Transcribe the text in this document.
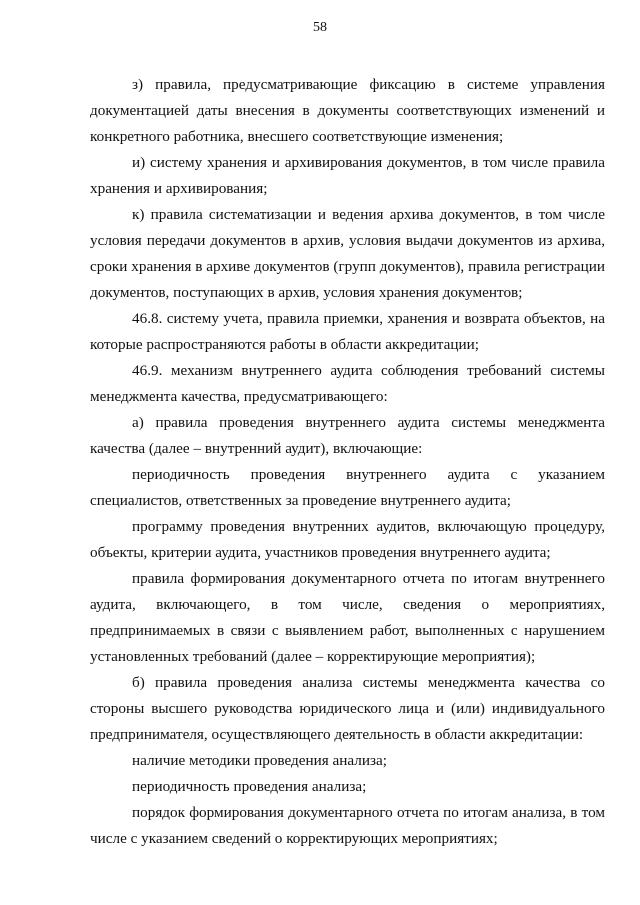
58

з) правила, предусматривающие фиксацию в системе управления документацией даты внесения в документы соответствующих изменений и конкретного работника, внесшего соответствующие изменения;

и) систему хранения и архивирования документов, в том числе правила хранения и архивирования;

к) правила систематизации и ведения архива документов, в том числе условия передачи документов в архив, условия выдачи документов из архива, сроки хранения в архиве документов (групп документов), правила регистрации документов, поступающих в архив, условия хранения документов;

46.8. систему учета, правила приемки, хранения и возврата объектов, на которые распространяются работы в области аккредитации;

46.9. механизм внутреннего аудита соблюдения требований системы менеджмента качества, предусматривающего:

а) правила проведения внутреннего аудита системы менеджмента качества (далее – внутренний аудит), включающие:

периодичность проведения внутреннего аудита с указанием специалистов, ответственных за проведение внутреннего аудита;

программу проведения внутренних аудитов, включающую процедуру, объекты, критерии аудита, участников проведения внутреннего аудита;

правила формирования документарного отчета по итогам внутреннего аудита, включающего, в том числе, сведения о мероприятиях, предпринимаемых в связи с выявлением работ, выполненных с нарушением установленных требований (далее – корректирующие мероприятия);

б) правила проведения анализа системы менеджмента качества со стороны высшего руководства юридического лица и (или) индивидуального предпринимателя, осуществляющего деятельность в области аккредитации:

наличие методики проведения анализа;

периодичность проведения анализа;

порядок формирования документарного отчета по итогам анализа, в том числе с указанием сведений о корректирующих мероприятиях;
